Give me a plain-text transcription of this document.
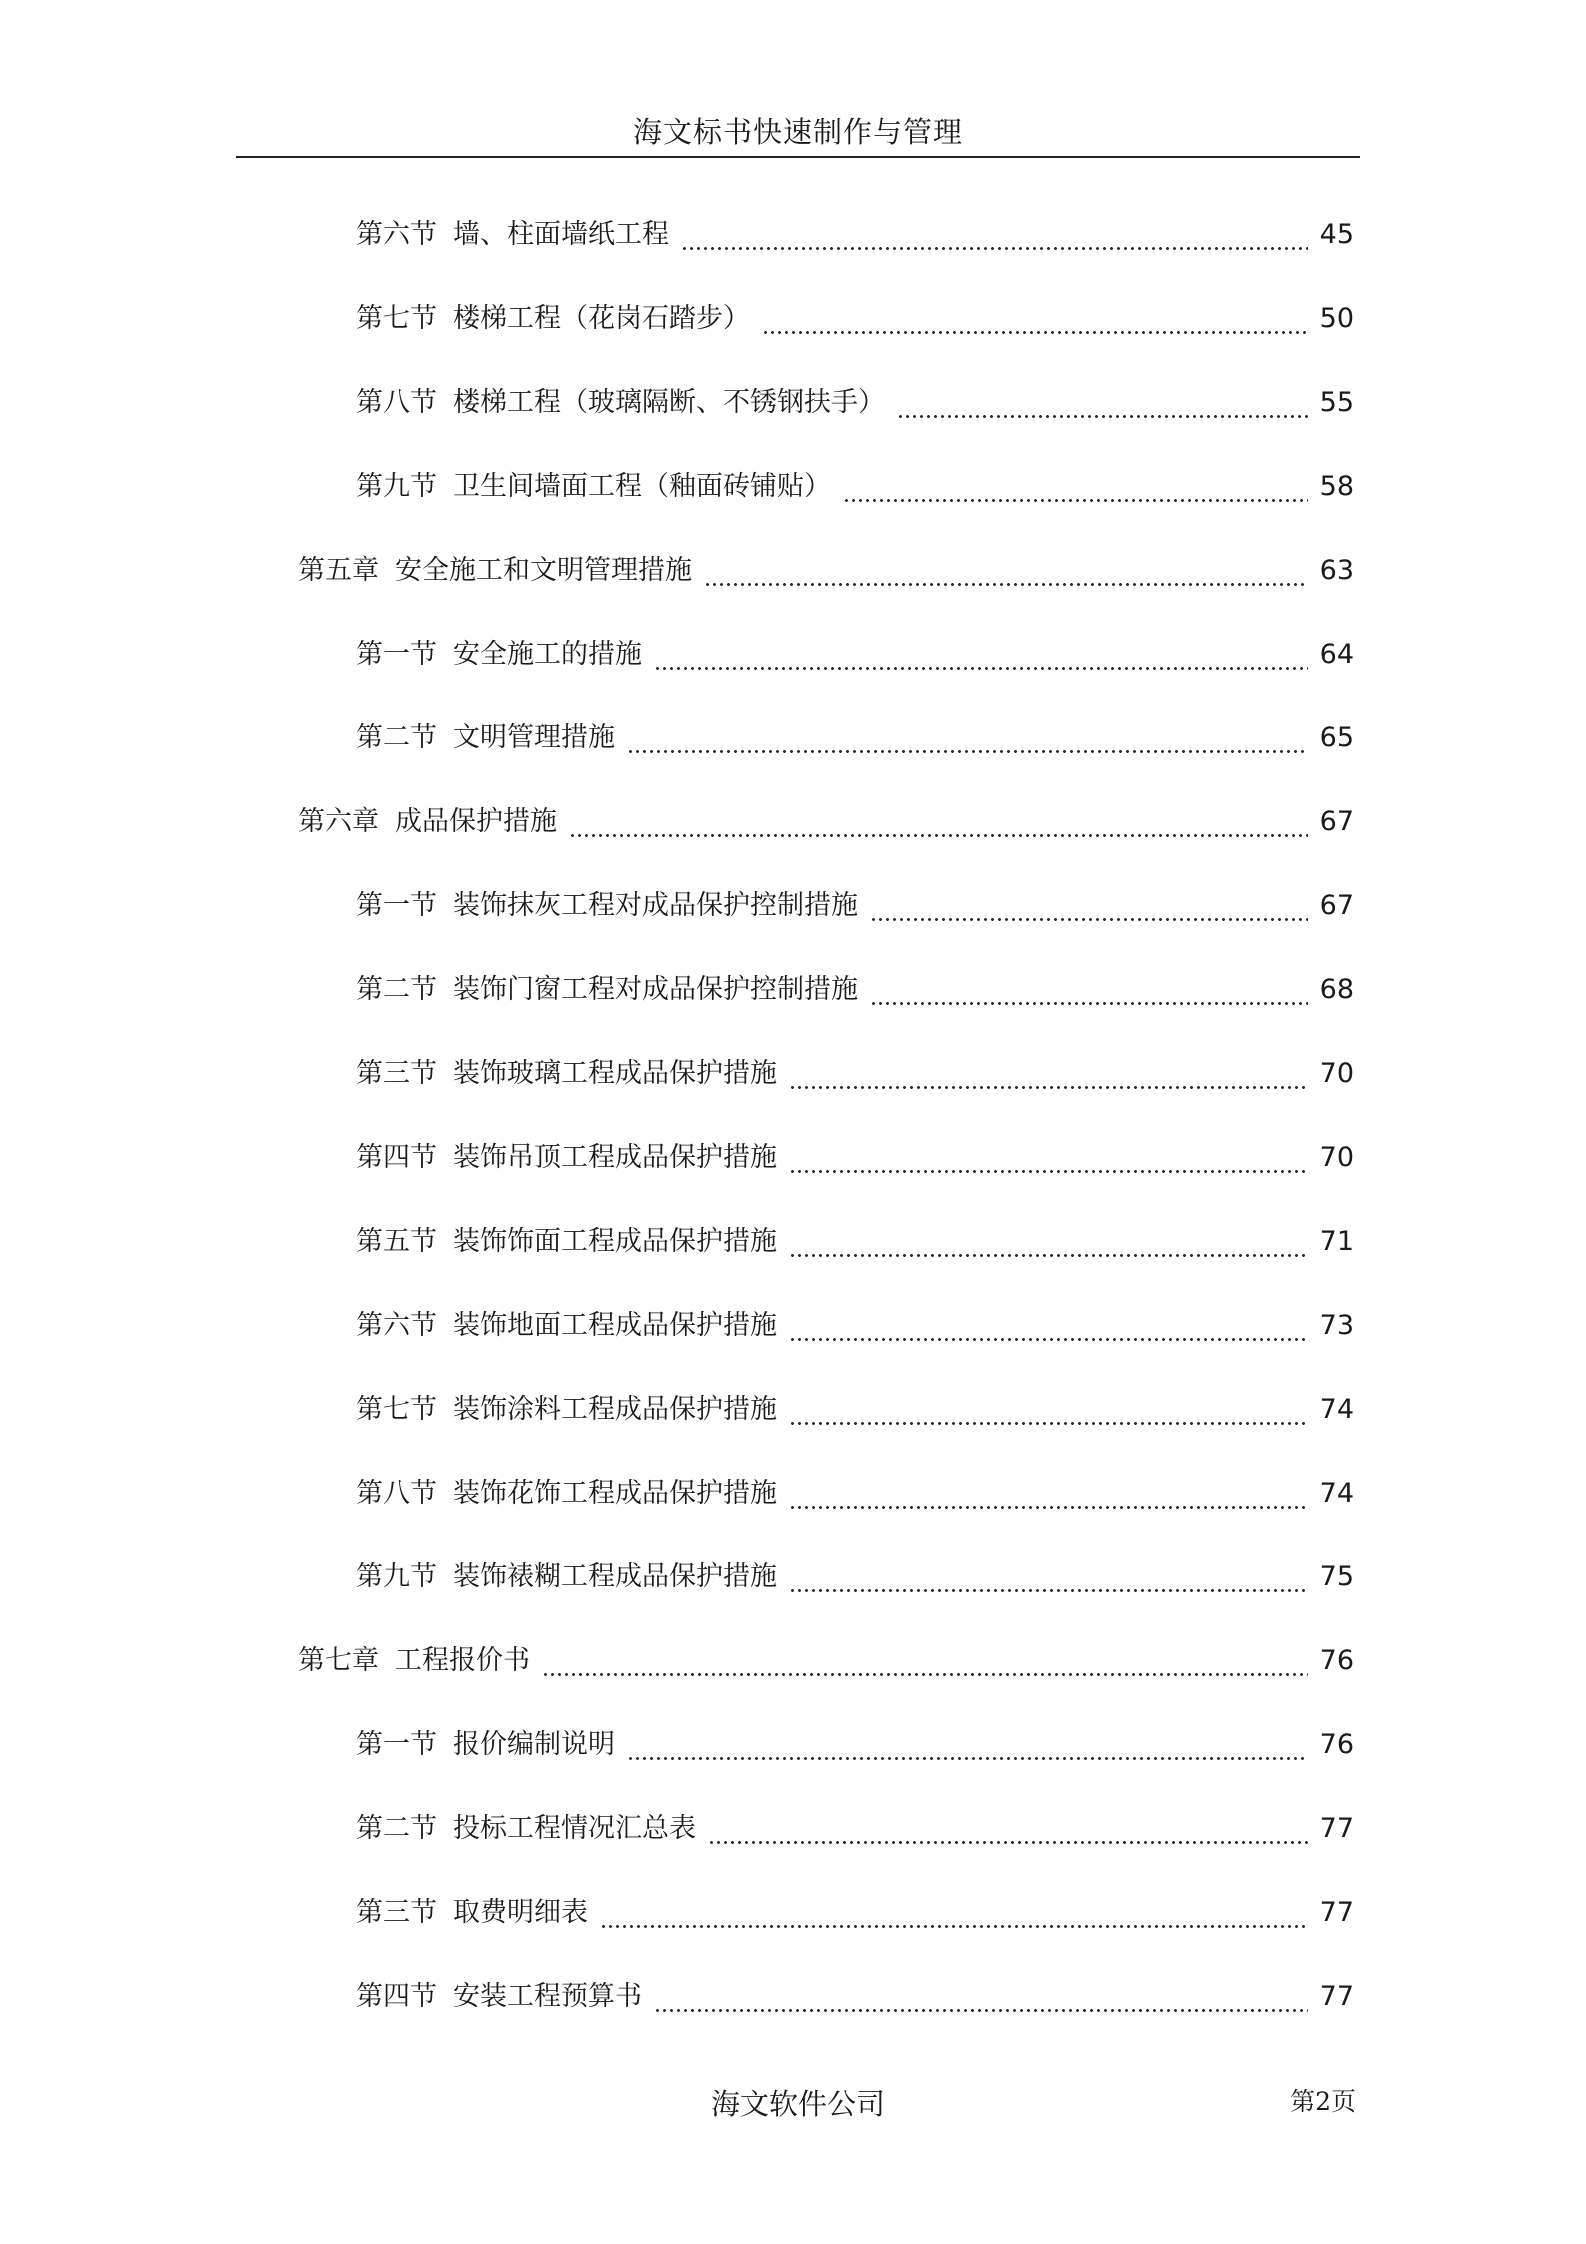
海文标书快速制作与管理
第六节 墙、柱面墙纸工程	45
第七节 楼梯工程（花岗石踏步）	50
第八节 楼梯工程（玻璃隔断、不锈钢扶手）	55
第九节 卫生间墙面工程（釉面砖铺贴）	58
第五章 安全施工和文明管理措施	63
第一节 安全施工的措施	64
第二节 文明管理措施	65
第六章 成品保护措施	67
第一节 装饰抹灰工程对成品保护控制措施	67
第二节 装饰门窗工程对成品保护控制措施	68
第三节 装饰玻璃工程成品保护措施	70
第四节 装饰吊顶工程成品保护措施	70
第五节 装饰饰面工程成品保护措施	71
第六节 装饰地面工程成品保护措施	73
第七节 装饰涂料工程成品保护措施	74
第八节 装饰花饰工程成品保护措施	74
第九节 装饰裱糊工程成品保护措施	75
第七章 工程报价书	76
第一节 报价编制说明	76
第二节 投标工程情况汇总表	77
第三节 取费明细表	77
第四节 安装工程预算书	77
海文软件公司	第2页
